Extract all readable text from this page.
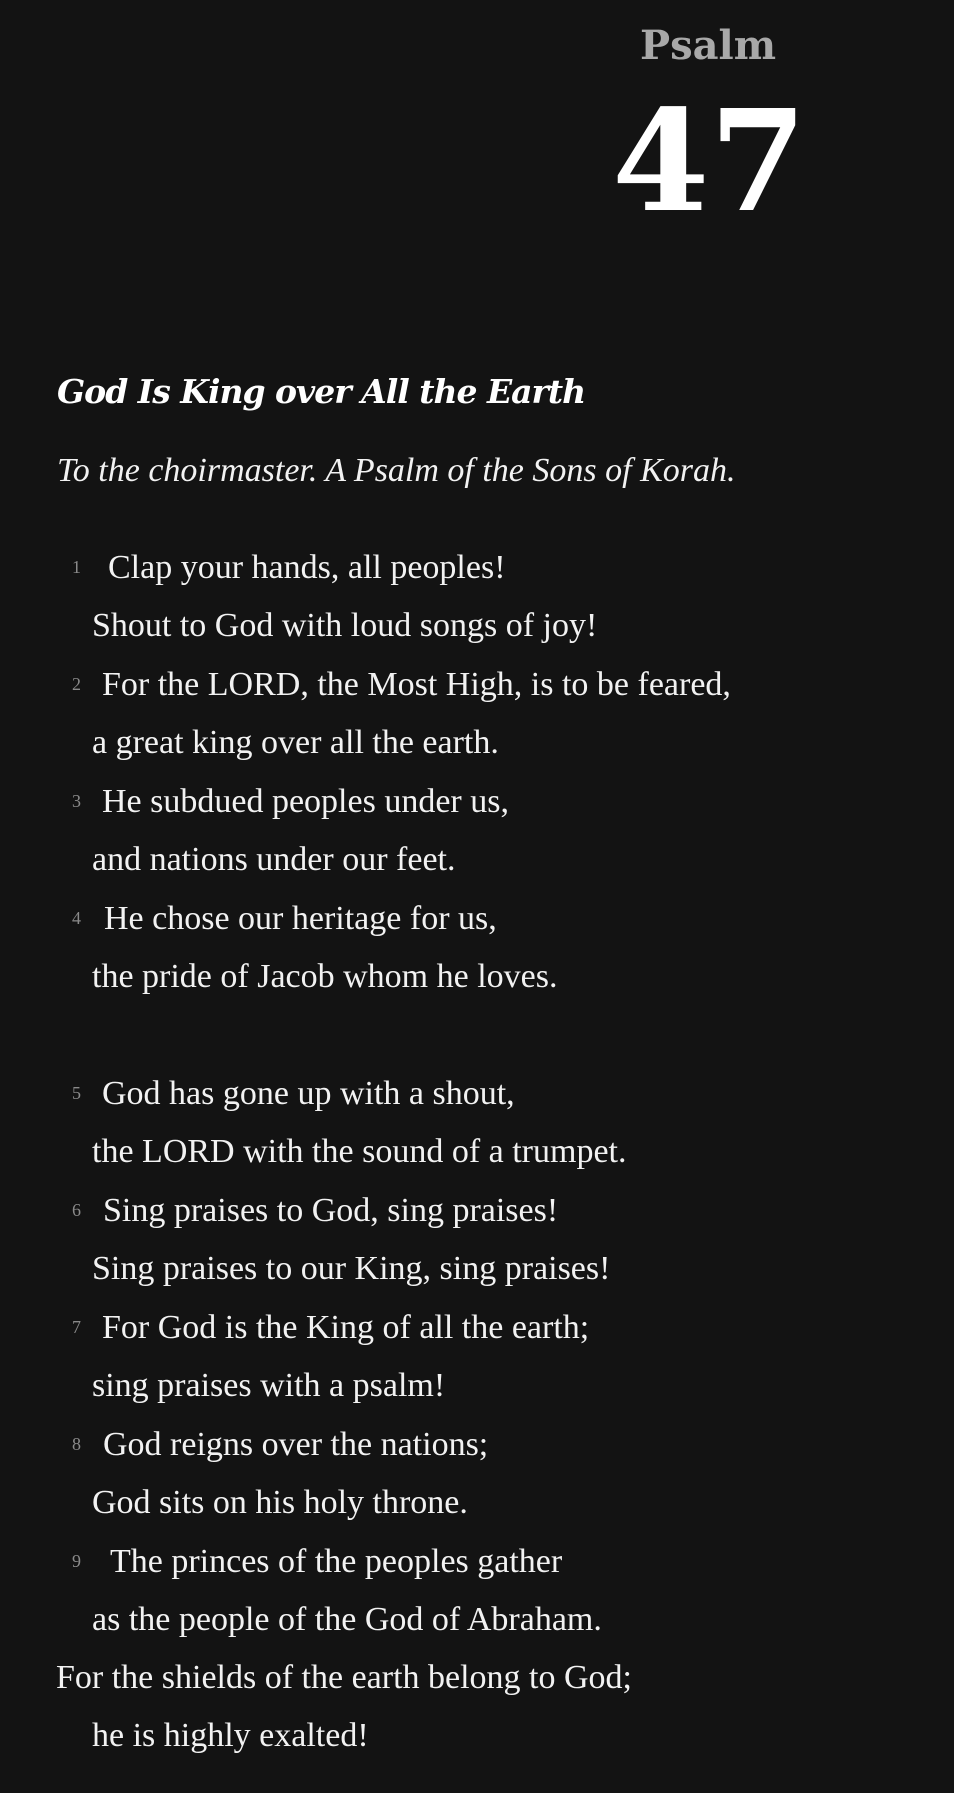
Psalm
47
God Is King over All the Earth
To the choirmaster. A Psalm of the Sons of Korah.
1 Clap your hands, all peoples!
Shout to God with loud songs of joy!
2 For the LORD, the Most High, is to be feared,
a great king over all the earth.
3 He subdued peoples under us,
and nations under our feet.
4 He chose our heritage for us,
the pride of Jacob whom he loves.
5 God has gone up with a shout,
the LORD with the sound of a trumpet.
6 Sing praises to God, sing praises!
Sing praises to our King, sing praises!
7 For God is the King of all the earth;
sing praises with a psalm!
8 God reigns over the nations;
God sits on his holy throne.
9 The princes of the peoples gather
as the people of the God of Abraham.
For the shields of the earth belong to God;
he is highly exalted!
